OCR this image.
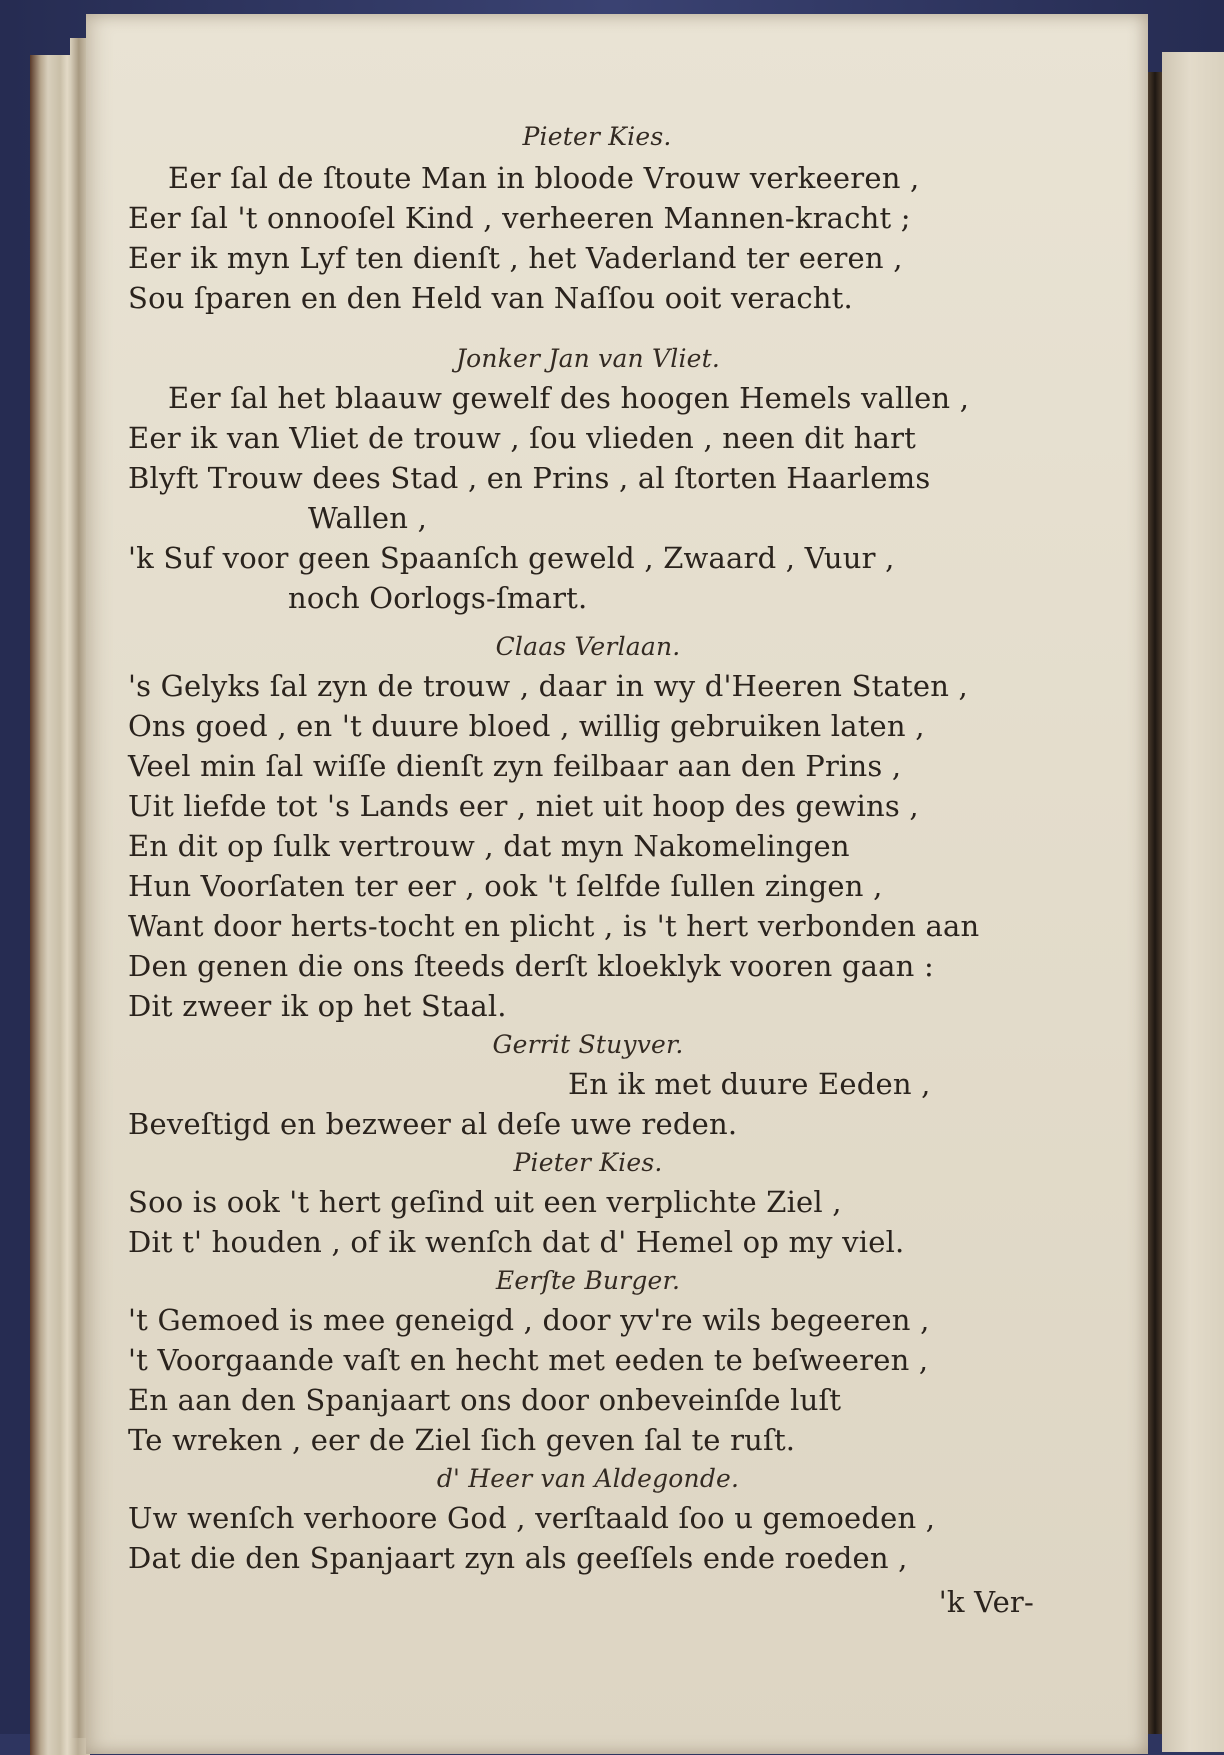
Pieter Kies.
Eer ſal de ſtoute Man in bloode Vrouw verkeeren ,
Eer ſal 't onnooſel Kind , verheeren Mannen-kracht ;
Eer ik myn Lyf ten dienſt , het Vaderland ter eeren ,
Sou ſparen en den Held van Naſſou ooit veracht.
Jonker Jan van Vliet.
Eer ſal het blaauw gewelf des hoogen Hemels vallen ,
Eer ik van Vliet de trouw , ſou vlieden , neen dit hart
Blyft Trouw dees Stad , en Prins , al ſtorten Haarlems
Wallen ,
'k Suf voor geen Spaanſch geweld , Zwaard , Vuur ,
noch Oorlogs-ſmart.
Claas Verlaan.
's Gelyks ſal zyn de trouw , daar in wy d'Heeren Staten ,
Ons goed , en 't duure bloed , willig gebruiken laten ,
Veel min ſal wiſſe dienſt zyn feilbaar aan den Prins ,
Uit liefde tot 's Lands eer , niet uit hoop des gewins ,
En dit op ſulk vertrouw , dat myn Nakomelingen
Hun Voorſaten ter eer , ook 't ſelfde ſullen zingen ,
Want door herts-tocht en plicht , is 't hert verbonden aan
Den genen die ons ſteeds derſt kloeklyk vooren gaan :
Dit zweer ik op het Staal.
Gerrit Stuyver.
En ik met duure Eeden ,
Beveſtigd en bezweer al deſe uwe reden.
Pieter Kies.
Soo is ook 't hert geſind uit een verplichte Ziel ,
Dit t' houden , of ik wenſch dat d' Hemel op my viel.
Eerſte Burger.
't Gemoed is mee geneigd , door yv're wils begeeren ,
't Voorgaande vaſt en hecht met eeden te beſweeren ,
En aan den Spanjaart ons door onbeveinſde luſt
Te wreken , eer de Ziel ſich geven ſal te ruſt.
d' Heer van Aldegonde.
Uw wenſch verhoore God , verſtaald ſoo u gemoeden ,
Dat die den Spanjaart zyn als geeſſels ende roeden ,
'k Ver-
